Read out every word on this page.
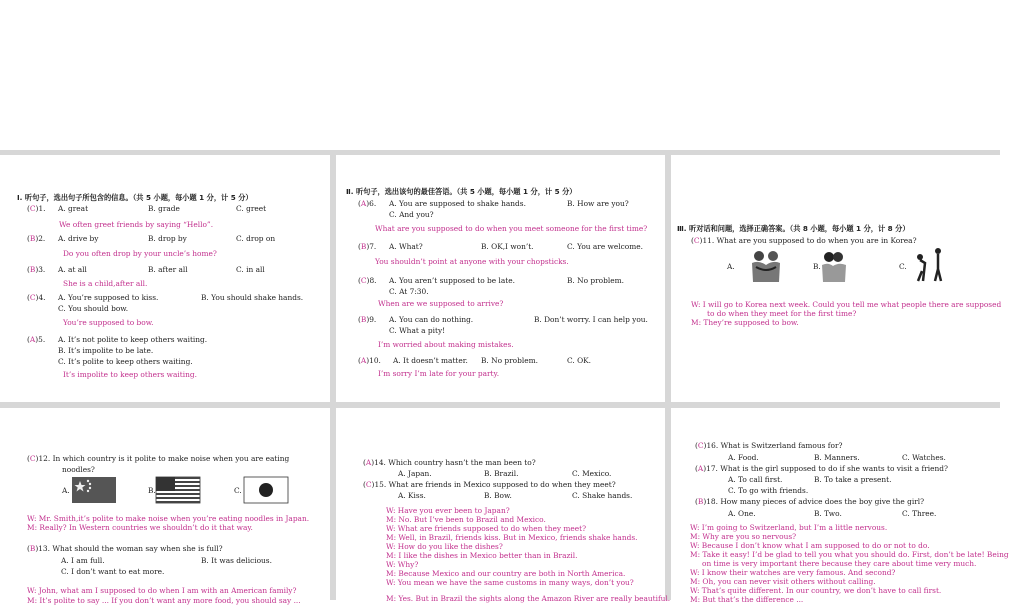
Ⅰ. 听句子，选出句子所包含的信息。（共 5 小题，每小题 1 分，计 5 分）
(C)1. A. great	B. grade	C. greet
We often greet friends by saying “Hello”.
(B)2. A. drive by	B. drop by	C. drop on
Do you often drop by your uncle’s home?
(B)3. A. at all	B. after all	C. in all
She is a child,after all.
(C)4. A. You’re supposed to kiss.	B. You should shake hands.
C. You should bow.
You’re supposed to bow.
(A)5. A. It’s not polite to keep others waiting.
B. It’s impolite to be late.
C. It’s polite to keep others waiting.
It’s impolite to keep others waiting.
Ⅱ. 听句子，选出该句的最佳答语。（共 5 小题，每小题 1 分，计 5 分）
(A)6. A. You are supposed to shake hands.	B. How are you?
C. And you?
What are you supposed to do when you meet someone for the first time?
(B)7. A. What?	B. OK,I won’t.	C. You are welcome.
You shouldn’t point at anyone with your chopsticks.
(C)8. A. You aren’t supposed to be late.	B. No problem.
C. At 7:30.
When are we supposed to arrive?
(B)9. A. You can do nothing.	B. Don’t worry. I can help you.
C. What a pity!
I’m worried about making mistakes.
(A)10. A. It doesn’t matter. B. No problem.	C. OK.
I’m sorry I’m late for your party.
Ⅲ. 听对话和问题，选择正确答案。（共 8 小题，每小题 1 分，计 8 分）
(C)11. What are you supposed to do when you are in Korea?
A.	B.	C.
W: I will go to Korea next week. Could you tell me what people there are supposed
to do when they meet for the first time?
M: They’re supposed to bow.
(C)12. In which country is it polite to make noise when you are eating
noodles?
A.	B.	C.
W: Mr. Smith,it’s polite to make noise when you’re eating noodles in Japan.
M: Really? In Western countries we shouldn’t do it that way.
(B)13. What should the woman say when she is full?
A. I am full.	B. It was delicious.
C. I don’t want to eat more.
W: John, what am I supposed to do when I am with an American family?
M: It’s polite to say ... If you don’t want any more food, you should say ...
(A)14. Which country hasn’t the man been to?
A. Japan.	B. Brazil.	C. Mexico.
(C)15. What are friends in Mexico supposed to do when they meet?
A. Kiss.	B. Bow.	C. Shake hands.
W: Have you ever been to Japan?
M: No. But I’ve been to Brazil and Mexico.
W: What are friends supposed to do when they meet?
M: Well, in Brazil, friends kiss. But in Mexico, friends shake hands.
W: How do you like the dishes?
M: I like the dishes in Mexico better than in Brazil.
W: Why?
M: Because Mexico and our country are both in North America.
W: You mean we have the same customs in many ways, don’t you?
M: Yes. But in Brazil the sights along the Amazon River are really beautiful.
(C)16. What is Switzerland famous for?
A. Food.	B. Manners.	C. Watches.
(A)17. What is the girl supposed to do if she wants to visit a friend?
A. To call first.	B. To take a present.
C. To go with friends.
(B)18. How many pieces of advice does the boy give the girl?
A. One.	B. Two.	C. Three.
W: I’m going to Switzerland, but I’m a little nervous.
M: Why are you so nervous?
W: Because I don’t know what I am supposed to do or not to do.
M: Take it easy! I’d be glad to tell you what you should do. First, don’t be late! Being
on time is very important there because they care about time very much.
W: I know their watches are very famous. And second?
M: Oh, you can never visit others without calling.
W: That’s quite different. In our country, we don’t have to call first.
M: But that’s the difference ...
